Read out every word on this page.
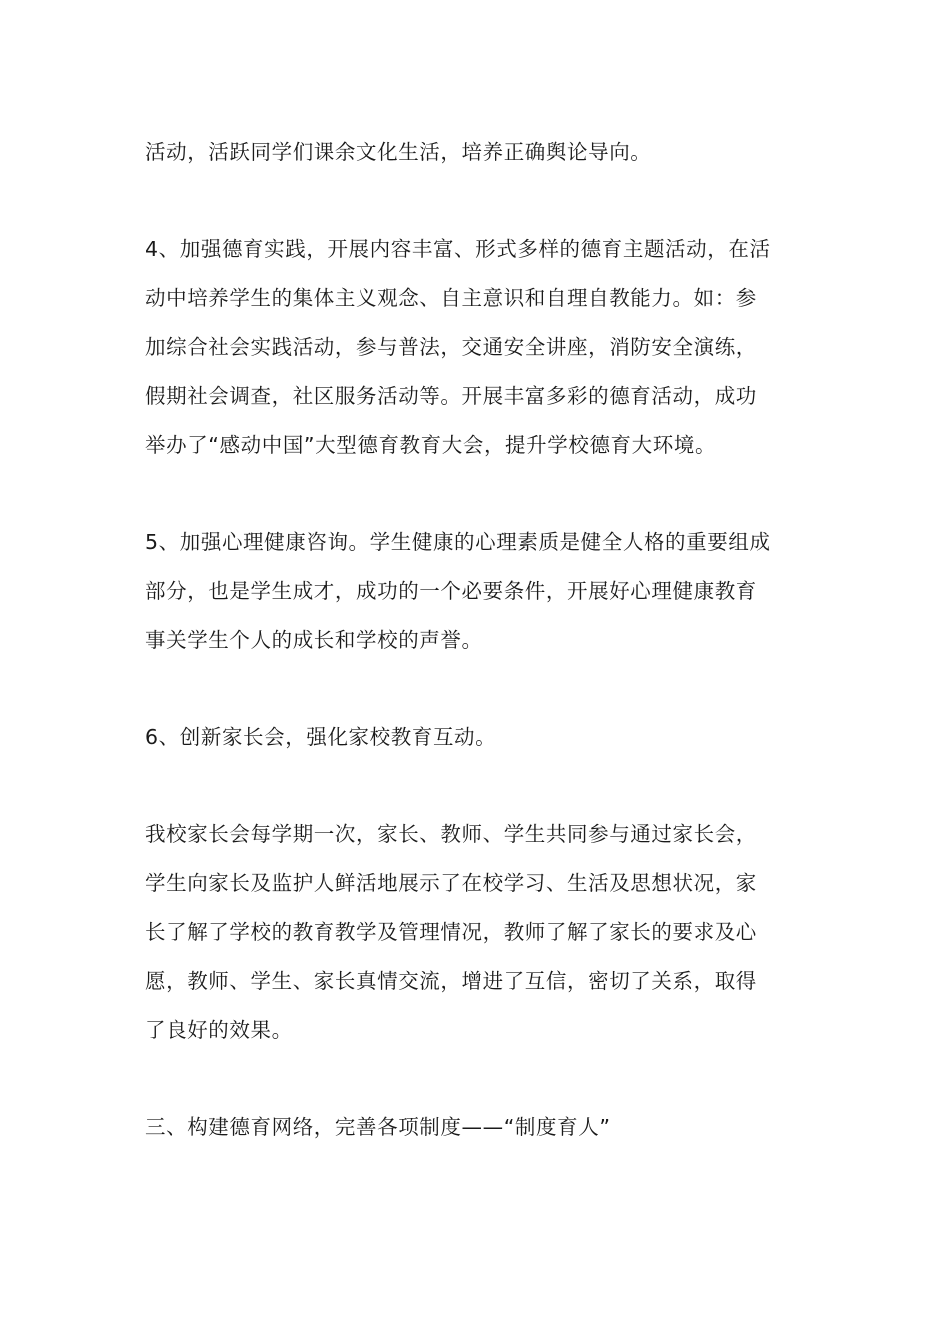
活动，活跃同学们课余文化生活，培养正确舆论导向。

4、加强德育实践，开展内容丰富、形式多样的德育主题活动，在活
动中培养学生的集体主义观念、自主意识和自理自教能力。如：参
加综合社会实践活动，参与普法，交通安全讲座，消防安全演练，
假期社会调查，社区服务活动等。开展丰富多彩的德育活动，成功
举办了“感动中国”大型德育教育大会，提升学校德育大环境。

5、加强心理健康咨询。学生健康的心理素质是健全人格的重要组成
部分，也是学生成才，成功的一个必要条件，开展好心理健康教育
事关学生个人的成长和学校的声誉。

6、创新家长会，强化家校教育互动。

我校家长会每学期一次，家长、教师、学生共同参与通过家长会，
学生向家长及监护人鲜活地展示了在校学习、生活及思想状况，家
长了解了学校的教育教学及管理情况，教师了解了家长的要求及心
愿，教师、学生、家长真情交流，增进了互信，密切了关系，取得
了良好的效果。

三、构建德育网络，完善各项制度——“制度育人”
